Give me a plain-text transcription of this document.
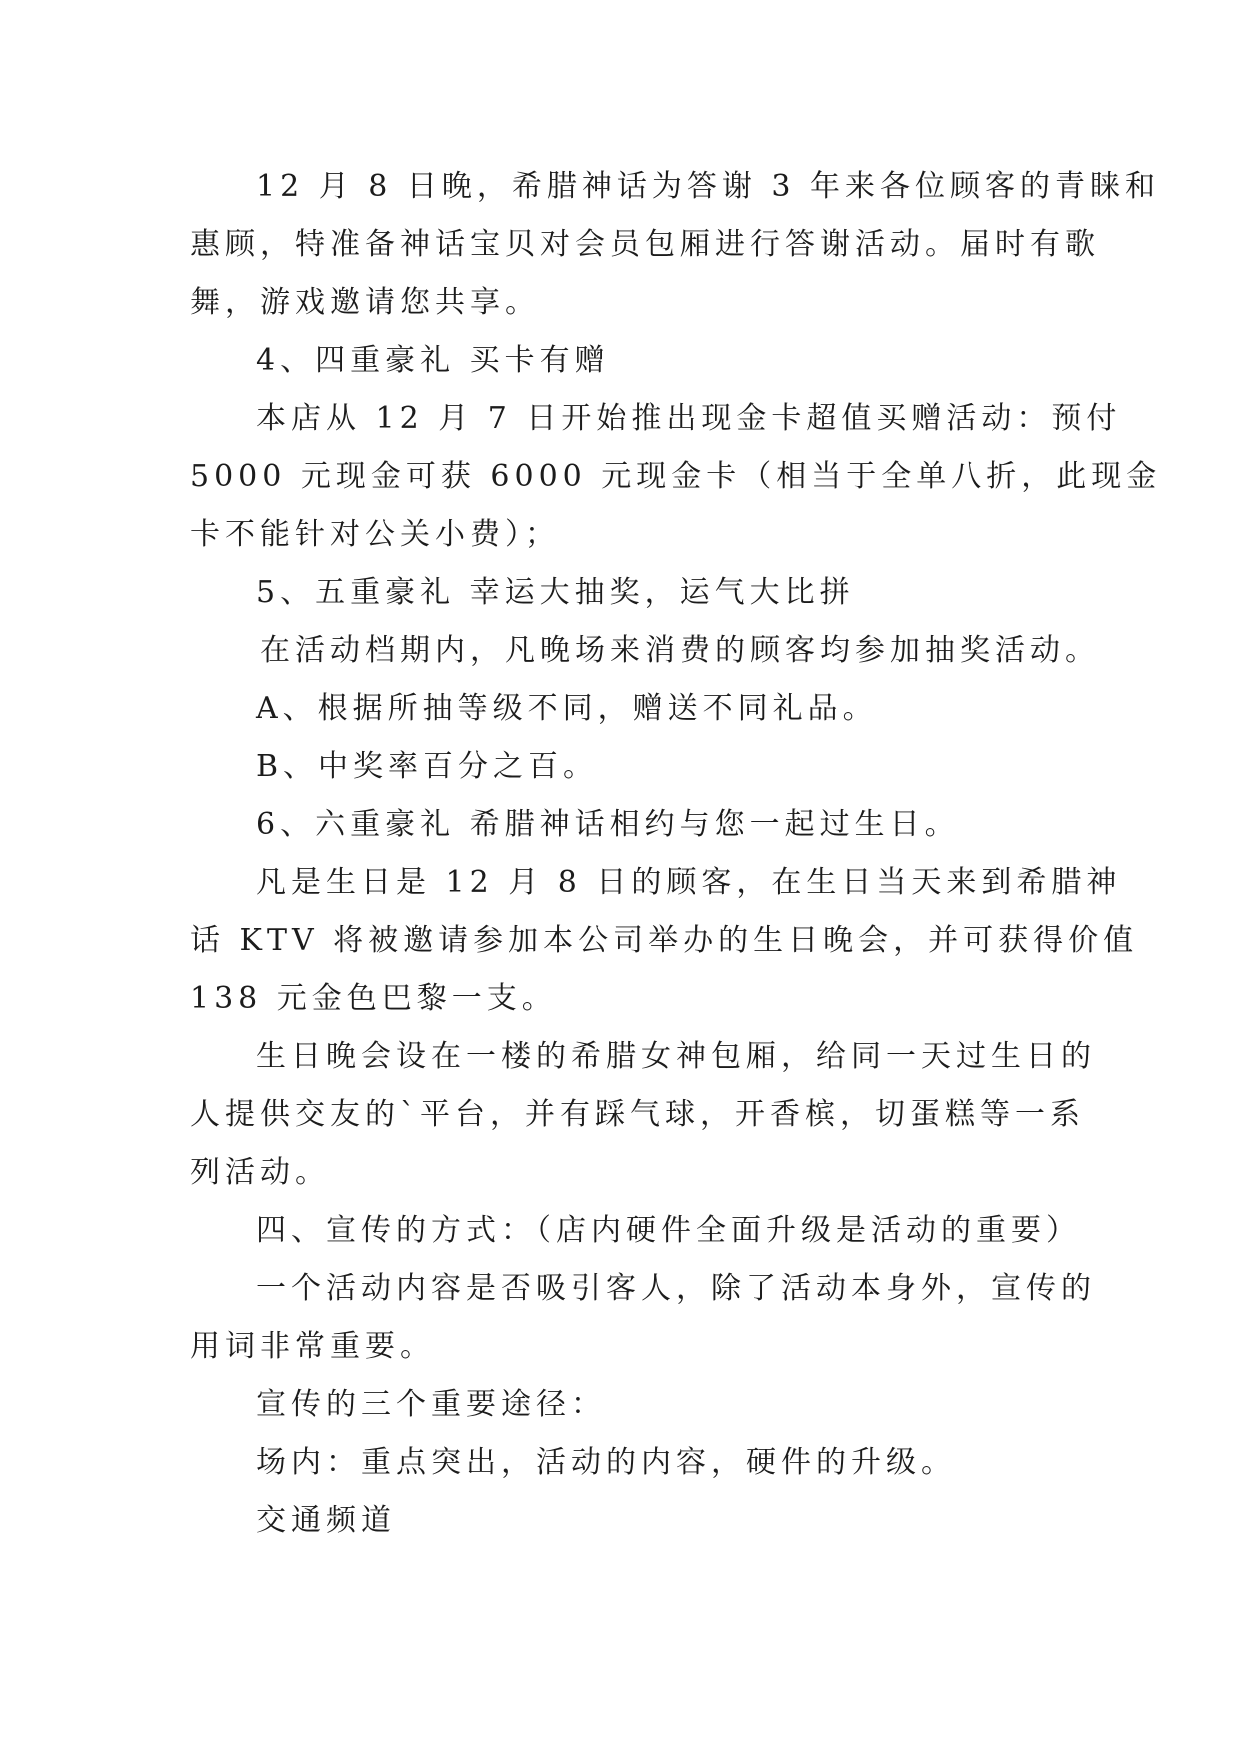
12 月 8 日晚，希腊神话为答谢 3 年来各位顾客的青睐和
惠顾，特准备神话宝贝对会员包厢进行答谢活动。届时有歌
舞，游戏邀请您共享。
4、四重豪礼 买卡有赠
本店从 12 月 7 日开始推出现金卡超值买赠活动：预付
5000 元现金可获 6000 元现金卡（相当于全单八折，此现金
卡不能针对公关小费）；
5、五重豪礼 幸运大抽奖，运气大比拼
在活动档期内，凡晚场来消费的顾客均参加抽奖活动。
A、根据所抽等级不同，赠送不同礼品。
B、中奖率百分之百。
6、六重豪礼 希腊神话相约与您一起过生日。
凡是生日是 12 月 8 日的顾客，在生日当天来到希腊神
话 KTV 将被邀请参加本公司举办的生日晚会，并可获得价值
138 元金色巴黎一支。
生日晚会设在一楼的希腊女神包厢，给同一天过生日的
人提供交友的`平台，并有踩气球，开香槟，切蛋糕等一系
列活动。
四、宣传的方式：（店内硬件全面升级是活动的重要）
一个活动内容是否吸引客人，除了活动本身外，宣传的
用词非常重要。
宣传的三个重要途径：
场内：重点突出，活动的内容，硬件的升级。
交通频道
